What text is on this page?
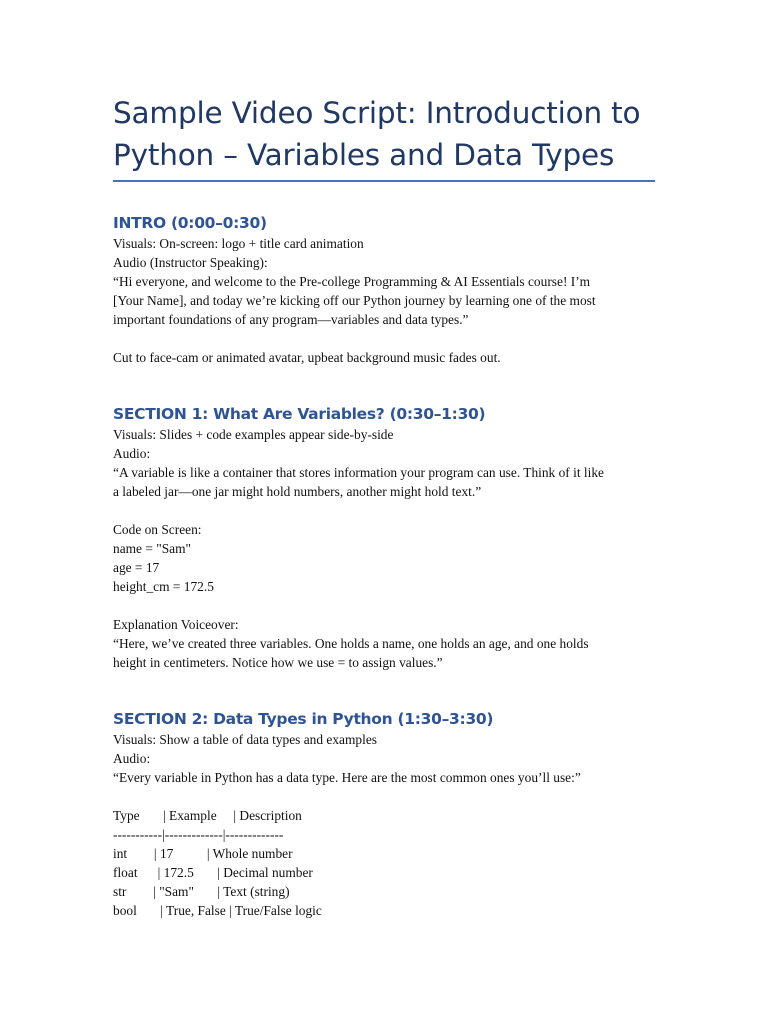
Sample Video Script: Introduction to
Python – Variables and Data Types
INTRO (0:00–0:30)

Visuals: On-screen: logo + title card animation

Audio (Instructor Speaking):

“Hi everyone, and welcome to the Pre-college Programming & AI Essentials course! I’m

[Your Name], and today we’re kicking off our Python journey by learning one of the most

important foundations of any program—variables and data types.”

Cut to face-cam or animated avatar, upbeat background music fades out.

SECTION 1: What Are Variables? (0:30–1:30)

Visuals: Slides + code examples appear side-by-side

Audio:

“A variable is like a container that stores information your program can use. Think of it like

a labeled jar—one jar might hold numbers, another might hold text.”

Code on Screen:

name = "Sam"

age = 17

height_cm = 172.5

Explanation Voiceover:

“Here, we’ve created three variables. One holds a name, one holds an age, and one holds

height in centimeters. Notice how we use = to assign values.”

SECTION 2: Data Types in Python (1:30–3:30)

Visuals: Show a table of data types and examples

Audio:

“Every variable in Python has a data type. Here are the most common ones you’ll use:”

Type       | Example     | Description

-----------|-------------|-------------

int        | 17          | Whole number

float      | 172.5       | Decimal number

str        | "Sam"       | Text (string)

bool       | True, False | True/False logic
